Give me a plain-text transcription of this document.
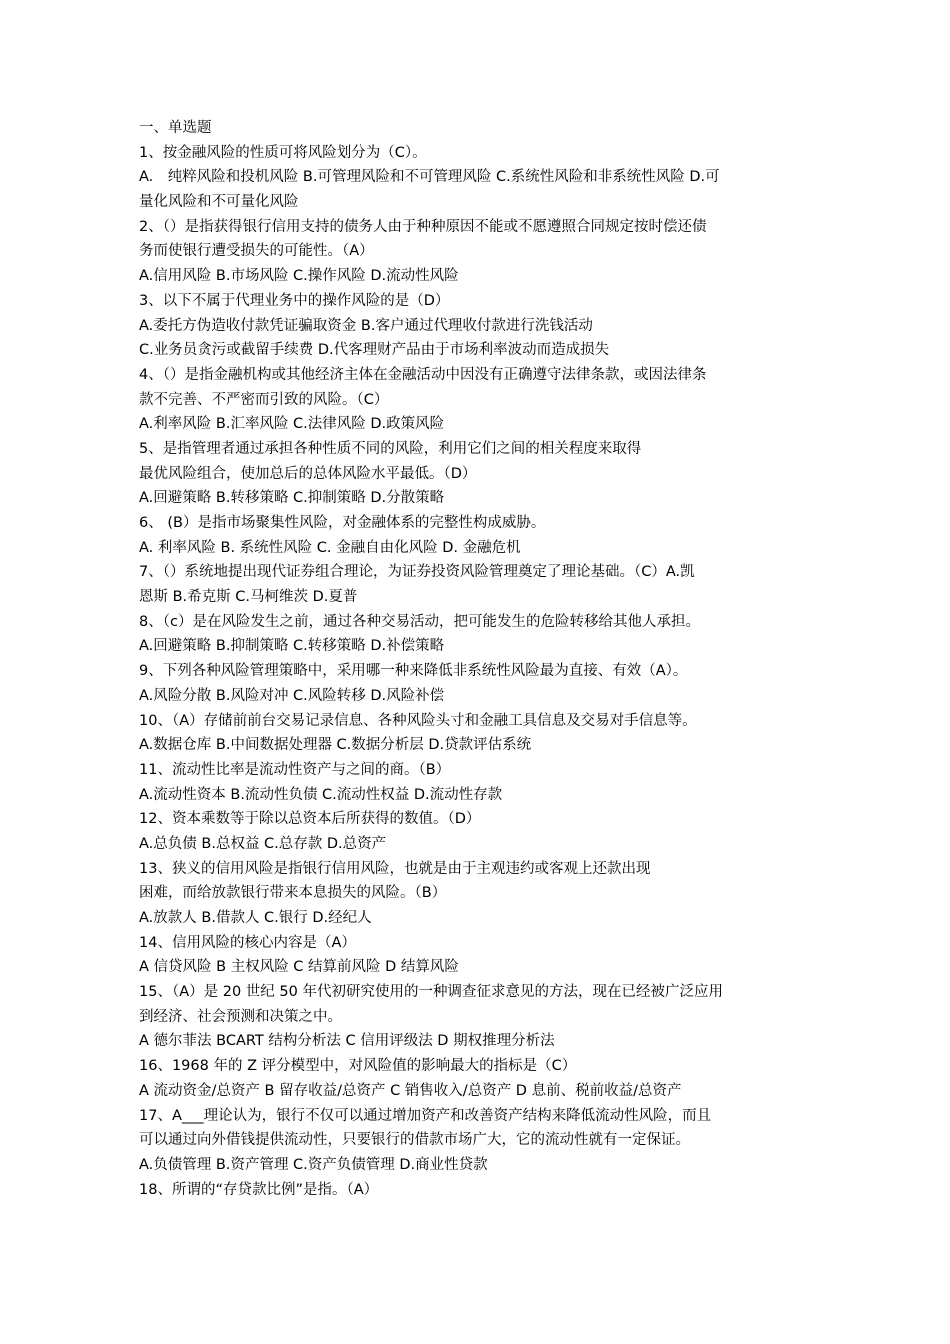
一、单选题
1、按金融风险的性质可将风险划分为（C）。
A.　纯粹风险和投机风险 B.可管理风险和不可管理风险 C.系统性风险和非系统性风险 D.可
量化风险和不可量化风险
2、（）是指获得银行信用支持的债务人由于种种原因不能或不愿遵照合同规定按时偿还债
务而使银行遭受损失的可能性。（A）
A.信用风险 B.市场风险 C.操作风险 D.流动性风险
3、以下不属于代理业务中的操作风险的是（D）
A.委托方伪造收付款凭证骗取资金 B.客户通过代理收付款进行洗钱活动
C.业务员贪污或截留手续费 D.代客理财产品由于市场利率波动而造成损失
4、（）是指金融机构或其他经济主体在金融活动中因没有正确遵守法律条款，或因法律条
款不完善、不严密而引致的风险。（C）
A.利率风险 B.汇率风险 C.法律风险 D.政策风险
5、是指管理者通过承担各种性质不同的风险，利用它们之间的相关程度来取得
最优风险组合，使加总后的总体风险水平最低。（D）
A.回避策略 B.转移策略 C.抑制策略 D.分散策略
6、 (B）是指市场聚集性风险，对金融体系的完整性构成威胁。
A. 利率风险 B. 系统性风险 C. 金融自由化风险 D. 金融危机
7、（）系统地提出现代证券组合理论，为证券投资风险管理奠定了理论基础。（C）A.凯
恩斯 B.希克斯 C.马柯维茨 D.夏普
8、（c）是在风险发生之前，通过各种交易活动，把可能发生的危险转移给其他人承担。
A.回避策略 B.抑制策略 C.转移策略 D.补偿策略
9、下列各种风险管理策略中，采用哪一种来降低非系统性风险最为直接、有效（A）。
A.风险分散 B.风险对冲 C.风险转移 D.风险补偿
10、（A）存储前前台交易记录信息、各种风险头寸和金融工具信息及交易对手信息等。
A.数据仓库 B.中间数据处理器 C.数据分析层 D.贷款评估系统
11、流动性比率是流动性资产与之间的商。（B）
A.流动性资本 B.流动性负债 C.流动性权益 D.流动性存款
12、资本乘数等于除以总资本后所获得的数值。（D）
A.总负债 B.总权益 C.总存款 D.总资产
13、狭义的信用风险是指银行信用风险，也就是由于主观违约或客观上还款出现
困难，而给放款银行带来本息损失的风险。（B）
A.放款人 B.借款人 C.银行 D.经纪人
14、信用风险的核心内容是（A）
A 信贷风险 B 主权风险 C 结算前风险 D 结算风险
15、（A）是 20 世纪 50 年代初研究使用的一种调查征求意见的方法，现在已经被广泛应用
到经济、社会预测和决策之中。
A 德尔菲法 BCART 结构分析法 C 信用评级法 D 期权推理分析法
16、1968 年的 Z 评分模型中，对风险值的影响最大的指标是（C）
A 流动资金/总资产 B 留存收益/总资产 C 销售收入/总资产 D 息前、税前收益/总资产
17、A___理论认为，银行不仅可以通过增加资产和改善资产结构来降低流动性风险，而且
可以通过向外借钱提供流动性，只要银行的借款市场广大，它的流动性就有一定保证。
A.负债管理 B.资产管理 C.资产负债管理 D.商业性贷款
18、所谓的“存贷款比例”是指。（A）
